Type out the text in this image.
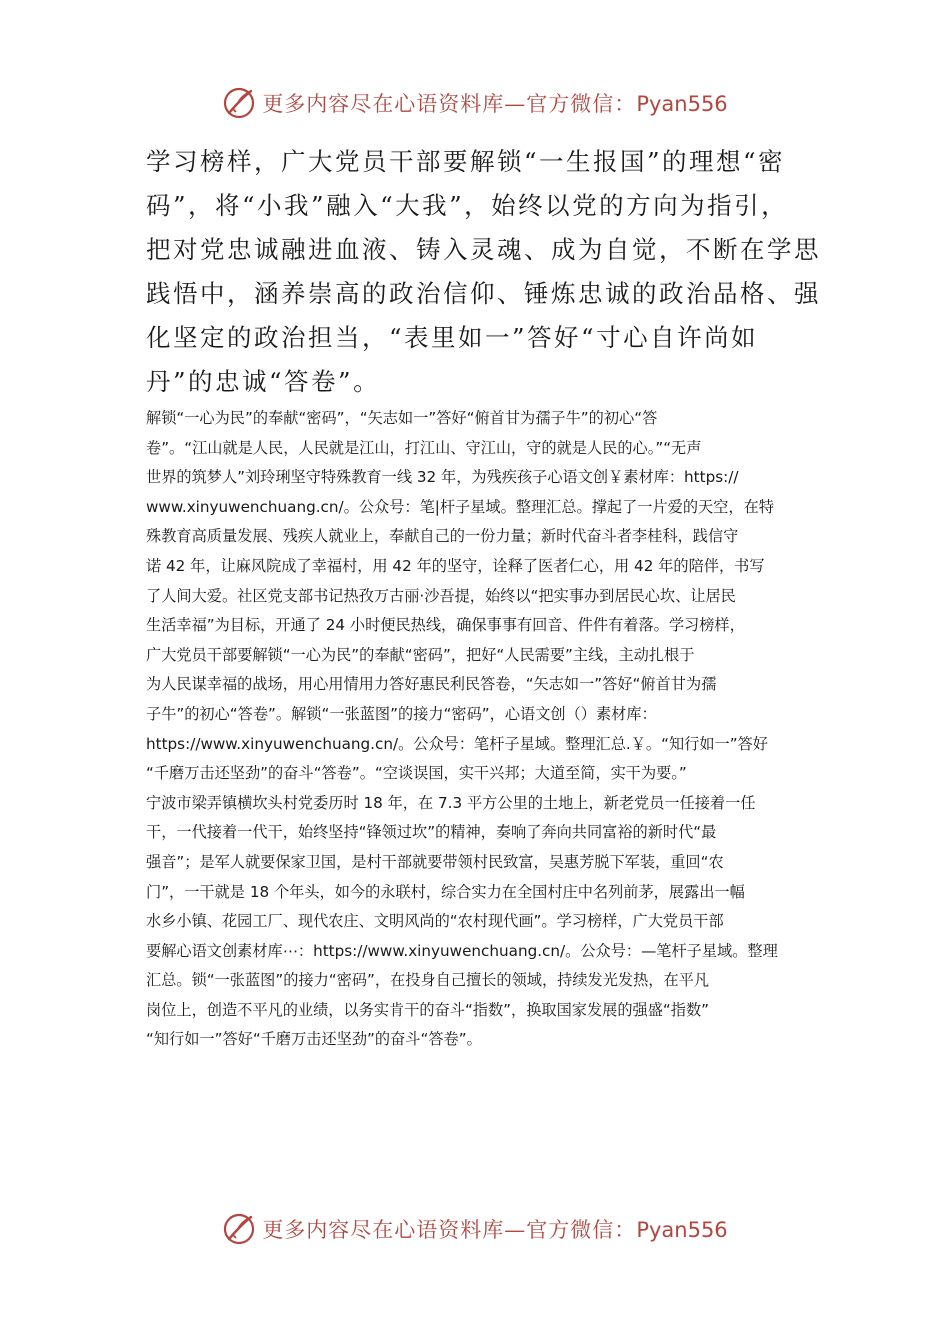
更多内容尽在心语资料库—官方微信：Pyan556
学习榜样，广大党员干部要解锁“一生报国”的理想“密
码”，将“小我”融入“大我”，始终以党的方向为指引，
把对党忠诚融进血液、铸入灵魂、成为自觉，不断在学思
践悟中，涵养崇高的政治信仰、锤炼忠诚的政治品格、强
化坚定的政治担当，“表里如一”答好“寸心自许尚如
丹”的忠诚“答卷”。
解锁“一心为民”的奉献“密码”，“矢志如一”答好“俯首甘为孺子牛”的初心“答
卷”。“江山就是人民，人民就是江山，打江山、守江山，守的就是人民的心。”“无声
世界的筑梦人”刘玲琍坚守特殊教育一线 32 年，为残疾孩子心语文创￥素材库：https://
www.xinyuwenchuang.cn/。公众号：笔|杆子星域。整理汇总。撑起了一片爱的天空，在特
殊教育高质量发展、残疾人就业上，奉献自己的一份力量；新时代奋斗者李桂科，践信守
诺 42 年，让麻风院成了幸福村，用 42 年的坚守，诠释了医者仁心，用 42 年的陪伴，书写
了人间大爱。社区党支部书记热孜万古丽·沙吾提，始终以“把实事办到居民心坎、让居民
生活幸福”为目标，开通了 24 小时便民热线，确保事事有回音、件件有着落。学习榜样，
广大党员干部要解锁“一心为民”的奉献“密码”，把好“人民需要”主线，主动扎根于
为人民谋幸福的战场，用心用情用力答好惠民利民答卷，“矢志如一”答好“俯首甘为孺
子牛”的初心“答卷”。解锁“一张蓝图”的接力“密码”，心语文创（）素材库：
https://www.xinyuwenchuang.cn/。公众号：笔杆子星域。整理汇总.￥。“知行如一”答好
“千磨万击还坚劲”的奋斗“答卷”。“空谈误国，实干兴邦；大道至简，实干为要。”
宁波市梁弄镇横坎头村党委历时 18 年，在 7.3 平方公里的土地上，新老党员一任接着一任
干，一代接着一代干，始终坚持“锋领过坎”的精神，奏响了奔向共同富裕的新时代“最
强音”；是军人就要保家卫国，是村干部就要带领村民致富，吴惠芳脱下军装，重回“农
门”，一干就是 18 个年头，如今的永联村，综合实力在全国村庄中名列前茅，展露出一幅
水乡小镇、花园工厂、现代农庄、文明风尚的“农村现代画”。学习榜样，广大党员干部
要解心语文创素材库⋯：https://www.xinyuwenchuang.cn/。公众号：—笔杆子星域。整理
汇总。锁“一张蓝图”的接力“密码”，在投身自己擅长的领域，持续发光发热，在平凡
岗位上，创造不平凡的业绩，以务实肯干的奋斗“指数”，换取国家发展的强盛“指数”
“知行如一”答好“千磨万击还坚劲”的奋斗“答卷”。
更多内容尽在心语资料库—官方微信：Pyan556
